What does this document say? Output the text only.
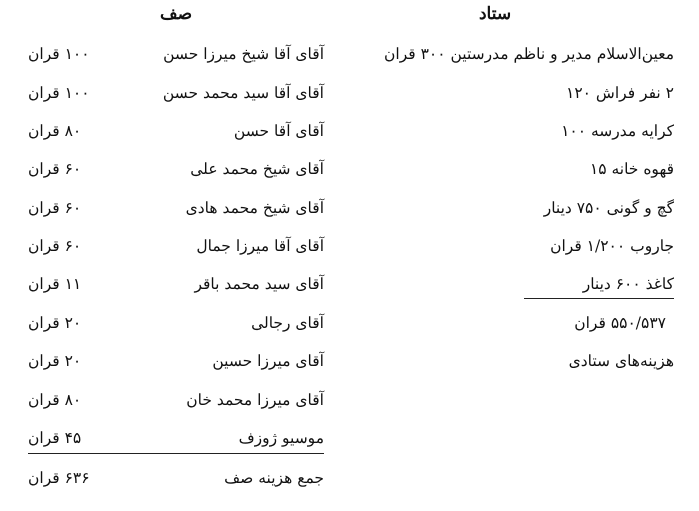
صف
آقای آقا شیخ میرزا حسن
۱۰۰ قران
آقای آقا سید محمد حسن
۱۰۰ قران
آقای آقا حسن
۸۰ قران
آقای شیخ محمد علی
۶۰ قران
آقای شیخ محمد هادی
۶۰ قران
آقای آقا میرزا جمال
۶۰ قران
آقای سید محمد باقر
۱۱ قران
آقای رجالی
۲۰ قران
آقای میرزا حسین
۲۰ قران
آقای میرزا محمد خان
۸۰ قران
موسیو ژوزف
۴۵ قران
جمع هزینه صف
۶۳۶ قران
ستاد
معین‌الاسلام مدیر و ناظم مدرستین ۳۰۰ قران
۲ نفر فراش ۱۲۰
کرایه مدرسه ۱۰۰
قهوه خانه ۱۵
گچ و گونی ۷۵۰ دینار
جاروب ۱/۲۰۰ قران
کاغذ ۶۰۰ دینار
۵۵۰/۵۳۷ قران
هزینه‌های ستادی
